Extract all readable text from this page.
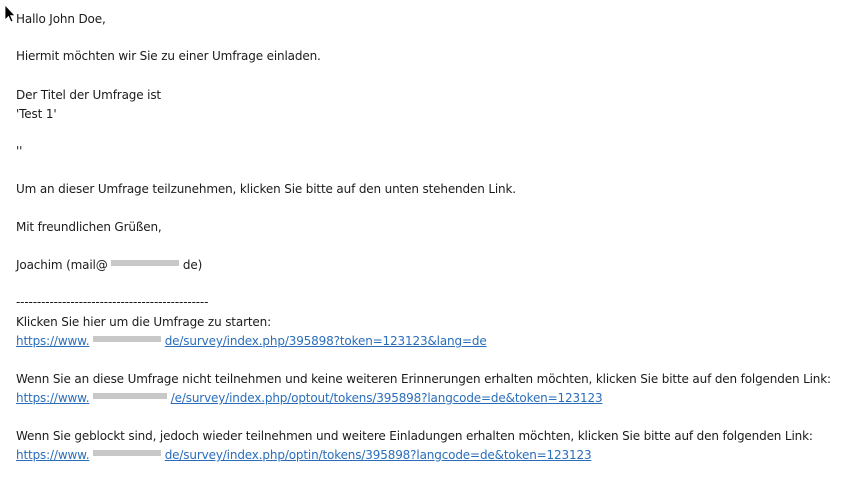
Hallo John Doe,
Hiermit möchten wir Sie zu einer Umfrage einladen.
Der Titel der Umfrage ist
'Test 1'
''
Um an dieser Umfrage teilzunehmen, klicken Sie bitte auf den unten stehenden Link.
Mit freundlichen Grüßen,
Joachim (mail@	de)
----------------------------------------------
Klicken Sie hier um die Umfrage zu starten:
https://www.	de/survey/index.php/395898?token=123123&lang=de
Wenn Sie an diese Umfrage nicht teilnehmen und keine weiteren Erinnerungen erhalten möchten, klicken Sie bitte auf den folgenden Link:
https://www.	/e/survey/index.php/optout/tokens/395898?langcode=de&token=123123
Wenn Sie geblockt sind, jedoch wieder teilnehmen und weitere Einladungen erhalten möchten, klicken Sie bitte auf den folgenden Link:
https://www.	de/survey/index.php/optin/tokens/395898?langcode=de&token=123123
